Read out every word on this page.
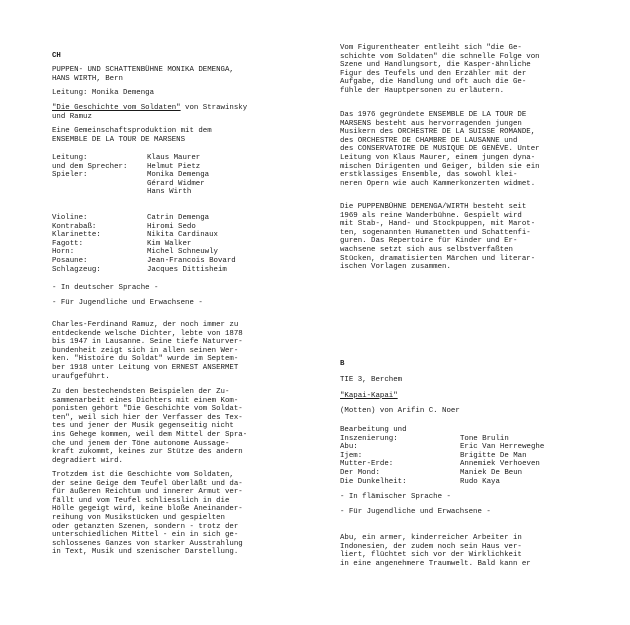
CH
PUPPEN- UND SCHATTENBÜHNE MONIKA DEMENGA,
HANS WIRTH, Bern
Leitung: Monika Demenga
"Die Geschichte vom Soldaten" von Strawinsky
und Ramuz
Eine Gemeinschaftsproduktion mit dem
ENSEMBLE DE LA TOUR DE MARSENS
Leitung:	Klaus Maurer
und dem Sprecher:	Helmut Pietz
Spieler:	Monika Demenga
Gérard Widmer
Hans Wirth
Violine:	Catrin Demenga
Kontrabaß:	Hiromi Sedo
Klarinette:	Nikita Cardinaux
Fagott:	Kim Walker
Horn:	Michel Schneuwly
Posaune:	Jean-Francois Bovard
Schlagzeug:	Jacques Dittisheim
- In deutscher Sprache -
- Für Jugendliche und Erwachsene -
Charles-Ferdinand Ramuz, der noch immer zu
entdeckende welsche Dichter, lebte von 1878
bis 1947 in Lausanne. Seine tiefe Naturver-
bundenheit zeigt sich in allen seinen Wer-
ken. "Histoire du Soldat" wurde im Septem-
ber 1918 unter Leitung von ERNEST ANSERMET
uraufgeführt.
Zu den bestechendsten Beispielen der Zu-
sammenarbeit eines Dichters mit einem Kom-
ponisten gehört "Die Geschichte vom Soldat-
ten", weil sich hier der Verfasser des Tex-
tes und jener der Musik gegenseitig nicht
ins Gehege kommen, weil dem Mittel der Spra-
che und jenem der Töne autonome Aussage-
kraft zukommt, keines zur Stütze des andern
degradiert wird.
Trotzdem ist die Geschichte vom Soldaten,
der seine Geige dem Teufel überläßt und da-
für äußeren Reichtum und innerer Armut ver-
fällt und vom Teufel schliesslich in die
Hölle gegeigt wird, keine bloße Aneinander-
reihung von Musikstücken und gespielten
oder getanzten Szenen, sondern - trotz der
unterschiedlichen Mittel - ein in sich ge-
schlossenes Ganzes von starker Ausstrahlung
in Text, Musik und szenischer Darstellung.
Vom Figurentheater entleiht sich "die Ge-
schichte vom Soldaten" die schnelle Folge von
Szene und Handlungsort, die Kasper-ähnliche
Figur des Teufels und den Erzähler mit der
Aufgabe, die Handlung und oft auch die Ge-
fühle der Hauptpersonen zu erläutern.
Das 1976 gegründete ENSEMBLE DE LA TOUR DE
MARSENS besteht aus hervorragenden jungen
Musikern des ORCHESTRE DE LA SUISSE ROMANDE,
des ORCHESTRE DE CHAMBRE DE LAUSANNE und
des CONSERVATOIRE DE MUSIQUE DE GENÈVE. Unter
Leitung von Klaus Maurer, einem jungen dyna-
mischen Dirigenten und Geiger, bilden sie ein
erstklassiges Ensemble, das sowohl klei-
neren Opern wie auch Kammerkonzerten widmet.
Die PUPPENBÜHNE DEMENGA/WIRTH besteht seit
1969 als reine Wanderbühne. Gespielt wird
mit Stab-, Hand- und Stockpuppen, mit Marot-
ten, sogenannten Humanetten und Schattenfi-
guren. Das Repertoire für Kinder und Er-
wachsene setzt sich aus selbstverfaßten
Stücken, dramatisierten Märchen und literar-
ischen Vorlagen zusammen.
B
TIE 3, Berchem
"Kapai-Kapai"
(Motten) von Arifin C. Noer
Bearbeitung und
Inszenierung:	Tone Brulin
Abu:	Eric Van Herreweghe
Ijem:	Brigitte De Man
Mutter-Erde:	Annemiek Verhoeven
Der Mond:	Maniek De Beun
Die Dunkelheit:	Rudo Kaya
- In flämischer Sprache -
- Für Jugendliche und Erwachsene -
Abu, ein armer, kinderreicher Arbeiter in
Indonesien, der zudem noch sein Haus ver-
liert, flüchtet sich vor der Wirklichkeit
in eine angenehmere Traumwelt. Bald kann er
